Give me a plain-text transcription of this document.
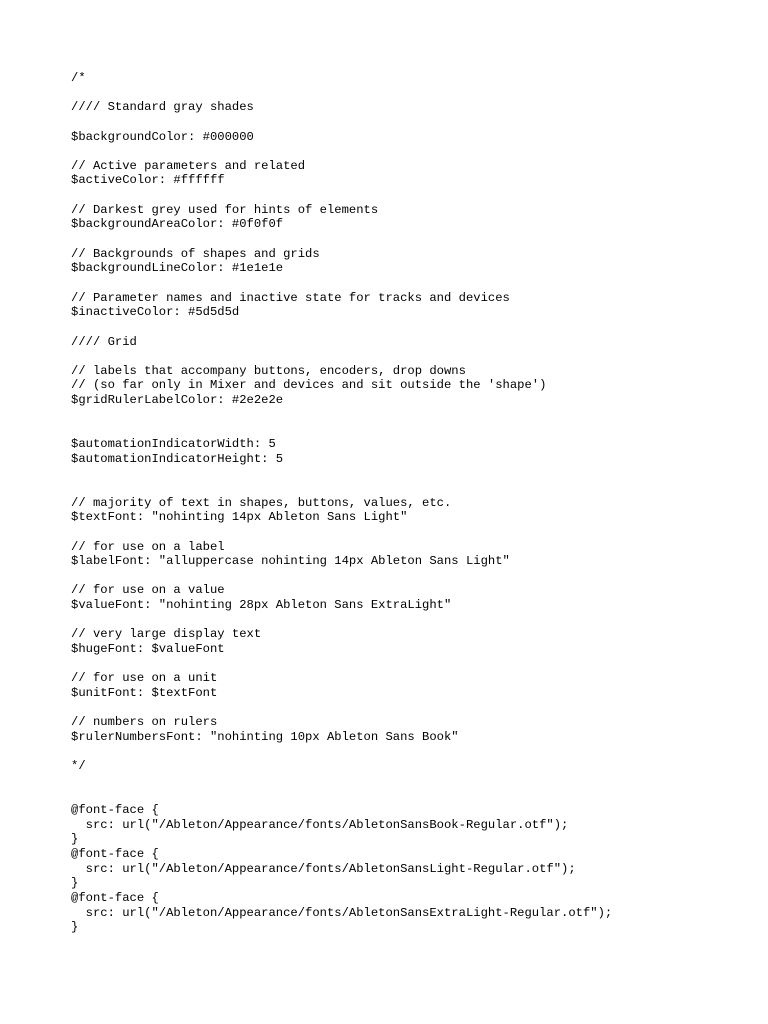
/*
//// Standard gray shades
$backgroundColor: #000000
// Active parameters and related
$activeColor: #ffffff
// Darkest grey used for hints of elements
$backgroundAreaColor: #0f0f0f
// Backgrounds of shapes and grids
$backgroundLineColor: #1e1e1e
// Parameter names and inactive state for tracks and devices
$inactiveColor: #5d5d5d
//// Grid
// labels that accompany buttons, encoders, drop downs
// (so far only in Mixer and devices and sit outside the 'shape')
$gridRulerLabelColor: #2e2e2e
$automationIndicatorWidth: 5
$automationIndicatorHeight: 5
// majority of text in shapes, buttons, values, etc.
$textFont: "nohinting 14px Ableton Sans Light"
// for use on a label
$labelFont: "alluppercase nohinting 14px Ableton Sans Light"
// for use on a value
$valueFont: "nohinting 28px Ableton Sans ExtraLight"
// very large display text
$hugeFont: $valueFont
// for use on a unit
$unitFont: $textFont
// numbers on rulers
$rulerNumbersFont: "nohinting 10px Ableton Sans Book"
*/
@font-face {
src: url("/Ableton/Appearance/fonts/AbletonSansBook-Regular.otf");
}
@font-face {
src: url("/Ableton/Appearance/fonts/AbletonSansLight-Regular.otf");
}
@font-face {
src: url("/Ableton/Appearance/fonts/AbletonSansExtraLight-Regular.otf");
}
